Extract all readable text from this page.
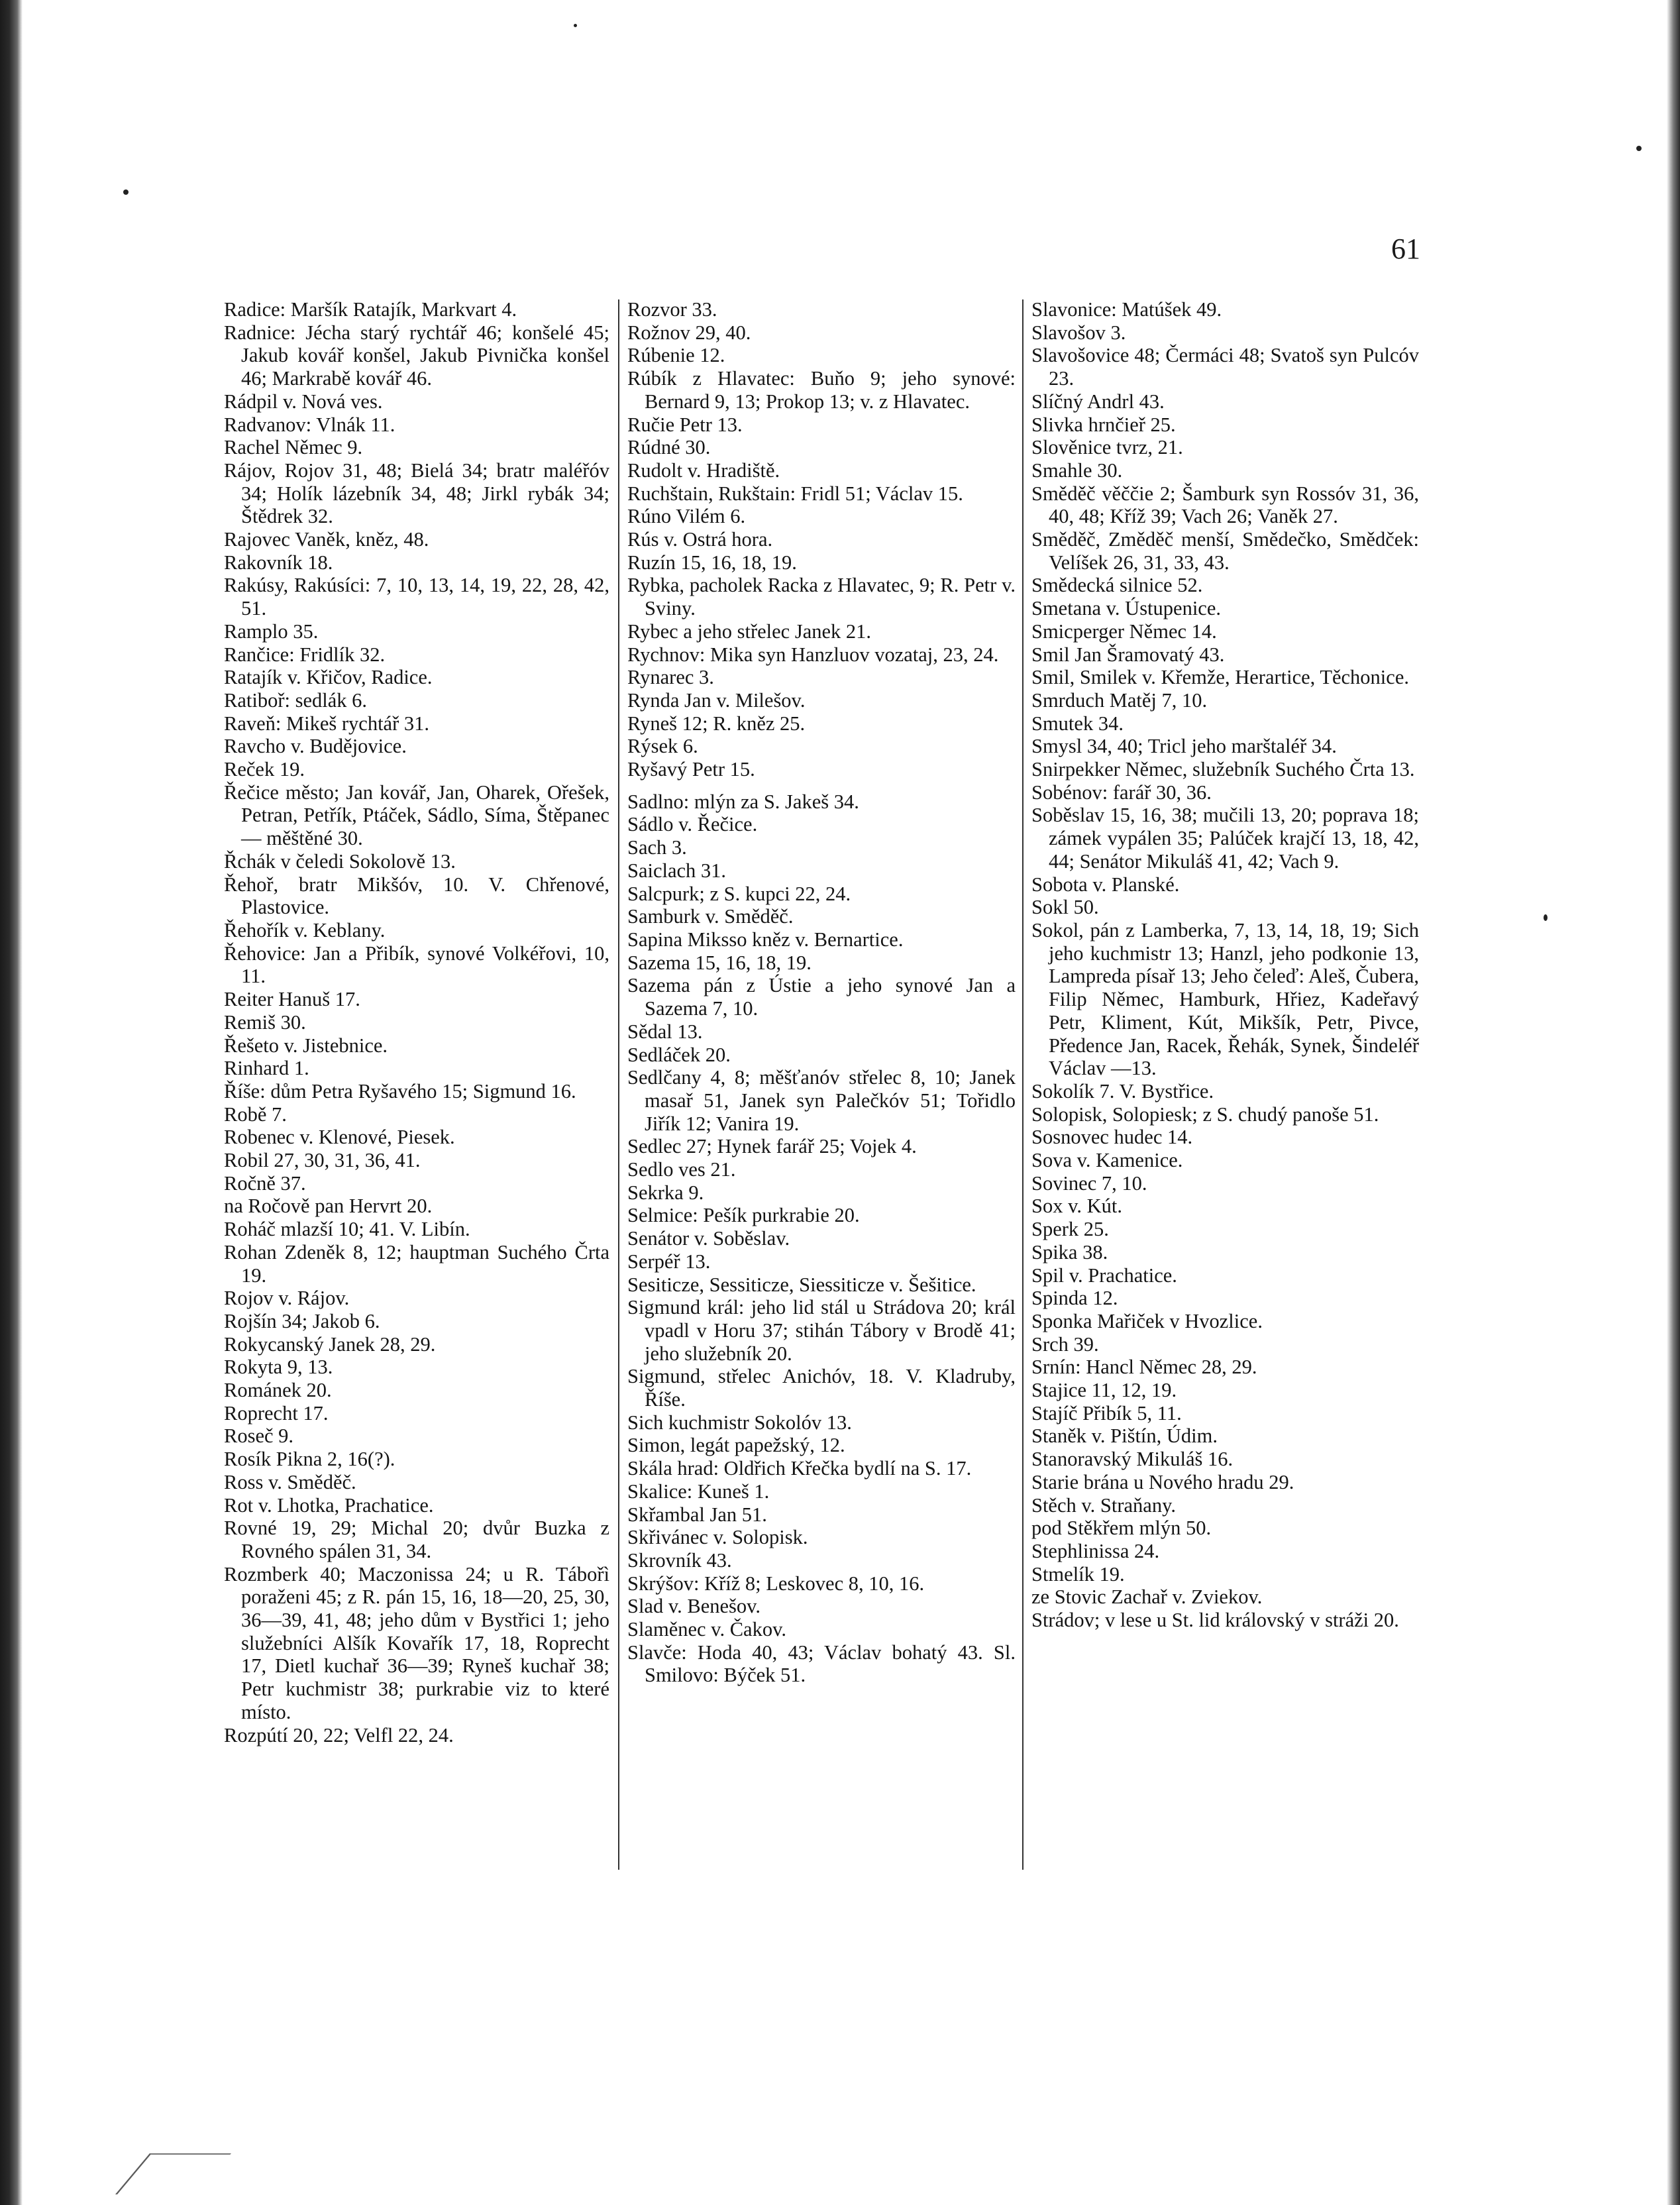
61

Radice: Maršík Ratajík, Markvart 4.

Radnice: Jécha starý rychtář 46; konšelé 45; Jakub kovář konšel, Jakub Pivnička konšel 46; Markrabě kovář 46.

Rádpil v. Nová ves.

Radvanov: Vlnák 11.

Rachel Němec 9.

Rájov, Rojov 31, 48; Bielá 34; bratr maléřóv 34; Holík lázebník 34, 48; Jirkl rybák 34; Štědrek 32.

Rajovec Vaněk, kněz, 48.

Rakovník 18.

Rakúsy, Rakúsíci: 7, 10, 13, 14, 19, 22, 28, 42, 51.

Ramplo 35.

Rančice: Fridlík 32.

Ratajík v. Křičov, Radice.

Ratiboř: sedlák 6.

Raveň: Mikeš rychtář 31.

Ravcho v. Budějovice.

Reček 19.

Řečice město; Jan kovář, Jan, Oharek, Ořešek, Petran, Petřík, Ptáček, Sádlo, Síma, Štěpanec — měštěné 30.

Řchák v čeledi Sokolově 13.

Řehoř, bratr Mikšóv, 10. V. Chřenové, Plastovice.

Řehořík v. Keblany.

Řehovice: Jan a Přibík, synové Volkéřovi, 10, 11.

Reiter Hanuš 17.

Remiš 30.

Řešeto v. Jistebnice.

Rinhard 1.

Říše: dům Petra Ryšavého 15; Sigmund 16.

Robě 7.

Robenec v. Klenové, Piesek.

Robil 27, 30, 31, 36, 41.

Ročně 37.

na Ročově pan Hervrt 20.

Roháč mlazší 10; 41. V. Libín.

Rohan Zdeněk 8, 12; hauptman Suchého Črta 19.

Rojov v. Rájov.

Rojšín 34; Jakob 6.

Rokycanský Janek 28, 29.

Rokyta 9, 13.

Románek 20.

Roprecht 17.

Roseč 9.

Rosík Pikna 2, 16(?).

Ross v. Směděč.

Rot v. Lhotka, Prachatice.

Rovné 19, 29; Michal 20; dvůr Buzka z Rovného spálen 31, 34.

Rozmberk 40; Maczonissa 24; u R. Tábořì poraženi 45; z R. pán 15, 16, 18—20, 25, 30, 36—39, 41, 48; jeho dům v Bystřici 1; jeho služebníci Alšík Kovařík 17, 18, Roprecht 17, Dietl kuchař 36—39; Ryneš kuchař 38; Petr kuchmistr 38; purkrabie viz to které místo.

Rozpútí 20, 22; Velfl 22, 24.

Rozvor 33.

Rožnov 29, 40.

Rúbenie 12.

Rúbík z Hlavatec: Buňo 9; jeho synové: Bernard 9, 13; Prokop 13; v. z Hlavatec.

Ručie Petr 13.

Rúdné 30.

Rudolt v. Hradiště.

Ruchštain, Rukštain: Fridl 51; Václav 15.

Rúno Vilém 6.

Rús v. Ostrá hora.

Ruzín 15, 16, 18, 19.

Rybka, pacholek Racka z Hlavatec, 9; R. Petr v. Sviny.

Rybec a jeho střelec Janek 21.

Rychnov: Mika syn Hanzluov vozataj, 23, 24.

Rynarec 3.

Rynda Jan v. Milešov.

Ryneš 12; R. kněz 25.

Rýsek 6.

Ryšavý Petr 15.

Sadlno: mlýn za S. Jakeš 34.

Sádlo v. Řečice.

Sach 3.

Saiclach 31.

Salcpurk; z S. kupci 22, 24.

Samburk v. Směděč.

Sapina Miksso kněz v. Bernartice.

Sazema 15, 16, 18, 19.

Sazema pán z Ústie a jeho synové Jan a Sazema 7, 10.

Sědal 13.

Sedláček 20.

Sedlčany 4, 8; měšťanóv střelec 8, 10; Janek masař 51, Janek syn Palečkóv 51; Tořidlo Jiřík 12; Vanira 19.

Sedlec 27; Hynek farář 25; Vojek 4.

Sedlo ves 21.

Sekrka 9.

Selmice: Pešík purkrabie 20.

Senátor v. Soběslav.

Serpéř 13.

Sesiticze, Sessiticze, Siessiticze v. Šešitice.

Sigmund král: jeho lid stál u Strádova 20; král vpadl v Horu 37; stihán Tábory v Brodě 41; jeho služebník 20.

Sigmund, střelec Anichóv, 18. V. Kladruby, Říše.

Sich kuchmistr Sokolóv 13.

Simon, legát papežský, 12.

Skála hrad: Oldřich Křečka bydlí na S. 17.

Skalice: Kuneš 1.

Skřambal Jan 51.

Skřivánec v. Solopisk.

Skrovník 43.

Skrýšov: Kříž 8; Leskovec 8, 10, 16.

Slad v. Benešov.

Slaměnec v. Čakov.

Slavče: Hoda 40, 43; Václav bohatý 43. Sl. Smilovo: Býček 51.

Slavonice: Matúšek 49.

Slavošov 3.

Slavošovice 48; Čermáci 48; Svatoš syn Pulcóv 23.

Slíčný Andrl 43.

Slivka hrnčieř 25.

Slověnice tvrz, 21.

Smahle 30.

Směděč věččie 2; Šamburk syn Rossóv 31, 36, 40, 48; Kříž 39; Vach 26; Vaněk 27.

Směděč, Změděč menší, Smědečko, Smědček: Velíšek 26, 31, 33, 43.

Smědecká silnice 52.

Smetana v. Ústupenice.

Smicperger Němec 14.

Smil Jan Šramovatý 43.

Smil, Smilek v. Křemže, Herartice, Těchonice.

Smrduch Matěj 7, 10.

Smutek 34.

Smysl 34, 40; Tricl jeho marštaléř 34.

Snirpekker Němec, služebník Suchého Črta 13.

Sobénov: farář 30, 36.

Soběslav 15, 16, 38; mučili 13, 20; poprava 18; zámek vypálen 35; Palúček krajčí 13, 18, 42, 44; Senátor Mikuláš 41, 42; Vach 9.

Sobota v. Planské.

Sokl 50.

Sokol, pán z Lamberka, 7, 13, 14, 18, 19; Sich jeho kuchmistr 13; Hanzl, jeho podkonie 13, Lampreda písař 13; Jeho čeleď: Aleš, Čubera, Filip Němec, Hamburk, Hřiez, Kadeřavý Petr, Kliment, Kút, Mikšík, Petr, Pivce, Předence Jan, Racek, Řehák, Synek, Šindeléř Václav —13.

Sokolík 7. V. Bystřice.

Solopisk, Solopiesk; z S. chudý panoše 51.

Sosnovec hudec 14.

Sova v. Kamenice.

Sovinec 7, 10.

Sox v. Kút.

Sperk 25.

Spika 38.

Spil v. Prachatice.

Spinda 12.

Sponka Mařiček v Hvozlice.

Srch 39.

Srnín: Hancl Němec 28, 29.

Stajice 11, 12, 19.

Stajíč Přibík 5, 11.

Staněk v. Pištín, Údim.

Stanoravský Mikuláš 16.

Starie brána u Nového hradu 29.

Stěch v. Straňany.

pod Stěkřem mlýn 50.

Stephlinissa 24.

Stmelík 19.

ze Stovic Zachař v. Zviekov.

Strádov; v lese u St. lid královský v stráži 20.
